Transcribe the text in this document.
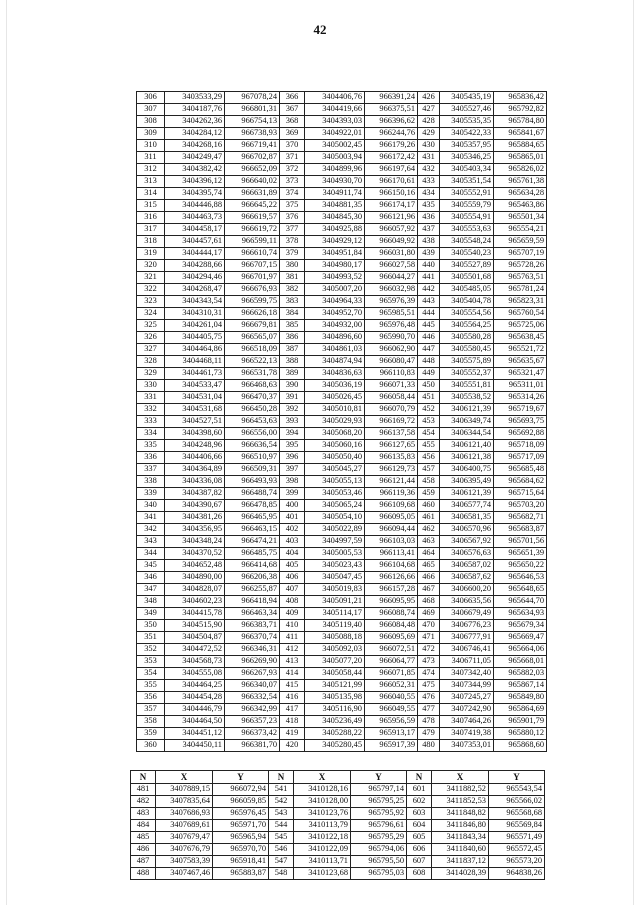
42
306	3403533,29	967078,24	366	3404406,76	966391,24	426	3405435,19	965836,42
307	3404187,76	966801,31	367	3404419,66	966375,51	427	3405527,46	965792,82
308	3404262,36	966754,13	368	3404393,03	966396,62	428	3405535,35	965784,80
309	3404284,12	966738,93	369	3404922,01	966244,76	429	3405422,33	965841,67
310	3404268,16	966719,41	370	3405002,45	966179,26	430	3405357,95	965884,65
311	3404249,47	966702,87	371	3405003,94	966172,42	431	3405346,25	965865,01
312	3404382,42	966652,09	372	3404899,96	966197,64	432	3405403,34	965826,02
313	3404396,12	966640,02	373	3404930,70	966170,61	433	3405351,54	965761,38
314	3404395,74	966631,89	374	3404911,74	966150,16	434	3405552,91	965634,28
315	3404446,88	966645,22	375	3404881,35	966174,17	435	3405559,79	965463,86
316	3404463,73	966619,57	376	3404845,30	966121,96	436	3405554,91	965501,34
317	3404458,17	966619,72	377	3404925,88	966057,92	437	3405553,63	965554,21
318	3404457,61	966599,11	378	3404929,12	966049,92	438	3405548,24	965659,59
319	3404444,17	966610,74	379	3404951,84	966031,80	439	3405540,23	965707,19
320	3404288,66	966707,15	380	3404980,17	966027,58	440	3405527,89	965728,26
321	3404294,46	966701,97	381	3404993,52	966044,27	441	3405501,68	965763,51
322	3404268,47	966676,93	382	3405007,20	966032,98	442	3405485,05	965781,24
323	3404343,54	966599,75	383	3404964,33	965976,39	443	3405404,78	965823,31
324	3404310,31	966626,18	384	3404952,70	965985,51	444	3405554,56	965760,54
325	3404261,04	966679,81	385	3404932,00	965976,48	445	3405564,25	965725,06
326	3404405,75	966565,07	386	3404896,60	965990,70	446	3405580,28	965638,45
327	3404464,86	966518,09	387	3404861,03	966062,90	447	3405580,45	965521,72
328	3404468,11	966522,13	388	3404874,94	966080,47	448	3405575,89	965635,67
329	3404461,73	966531,78	389	3404836,63	966110,83	449	3405552,37	965321,47
330	3404533,47	966468,63	390	3405036,19	966071,33	450	3405551,81	965311,01
331	3404531,04	966470,37	391	3405026,45	966058,44	451	3405538,52	965314,26
332	3404531,68	966450,28	392	3405010,81	966070,79	452	3406121,39	965719,67
333	3404527,51	966453,63	393	3405029,93	966169,72	453	3406349,74	965693,75
334	3404398,60	966556,00	394	3405068,20	966137,58	454	3406344,54	965692,88
335	3404248,96	966636,54	395	3405060,16	966127,65	455	3406121,40	965718,09
336	3404406,66	966510,97	396	3405050,40	966135,83	456	3406121,38	965717,09
337	3404364,89	966509,31	397	3405045,27	966129,73	457	3406400,75	965685,48
338	3404336,08	966493,93	398	3405055,13	966121,44	458	3406395,49	965684,62
339	3404387,82	966488,74	399	3405053,46	966119,36	459	3406121,39	965715,64
340	3404390,67	966478,85	400	3405065,24	966109,68	460	3406577,74	965703,20
341	3404381,26	966465,95	401	3405054,10	966095,05	461	3406581,35	965682,71
342	3404356,95	966463,15	402	3405022,89	966094,44	462	3406570,96	965683,87
343	3404348,24	966474,21	403	3404997,59	966103,03	463	3406567,92	965701,56
344	3404370,52	966485,75	404	3405005,53	966113,41	464	3406576,63	965651,39
345	3404652,48	966414,68	405	3405023,43	966104,68	465	3406587,02	965650,22
346	3404890,00	966206,38	406	3405047,45	966126,66	466	3406587,62	965646,53
347	3404828,07	966255,87	407	3405019,83	966157,28	467	3406600,20	965648,65
348	3404602,23	966418,94	408	3405091,21	966095,95	468	3406635,56	965644,70
349	3404415,78	966463,34	409	3405114,17	966088,74	469	3406679,49	965634,93
350	3404515,90	966383,71	410	3405119,40	966084,48	470	3406776,23	965679,34
351	3404504,87	966370,74	411	3405088,18	966095,69	471	3406777,91	965669,47
352	3404472,52	966346,31	412	3405092,03	966072,51	472	3406746,41	965664,06
353	3404568,73	966269,90	413	3405077,20	966064,77	473	3406711,05	965668,01
354	3404555,08	966267,93	414	3405058,44	966071,85	474	3407342,40	965882,03
355	3404464,25	966340,07	415	3405121,99	966052,31	475	3407344,99	965867,14
356	3404454,28	966332,54	416	3405135,98	966040,55	476	3407245,27	965849,80
357	3404446,79	966342,99	417	3405116,90	966049,55	477	3407242,90	965864,69
358	3404464,50	966357,23	418	3405236,49	965956,59	478	3407464,26	965901,79
359	3404451,12	966373,42	419	3405288,22	965913,17	479	3407419,38	965880,12
360	3404450,11	966381,70	420	3405280,45	965917,39	480	3407353,01	965868,60
N	X	Y	N	X	Y	N	X	Y
481	3407889,15	966072,94	541	3410128,16	965797,14	601	3411882,52	965543,54
482	3407835,64	966059,85	542	3410128,00	965795,25	602	3411852,53	965566,02
483	3407686,93	965976,45	543	3410123,76	965795,92	603	3411848,82	965568,68
484	3407689,61	965971,70	544	3410113,79	965796,61	604	3411846,80	965569,84
485	3407679,47	965965,94	545	3410122,18	965795,29	605	3411843,34	965571,49
486	3407676,79	965970,70	546	3410122,09	965794,06	606	3411840,60	965572,45
487	3407583,39	965918,41	547	3410113,71	965795,50	607	3411837,12	965573,20
488	3407467,46	965883,87	548	3410123,68	965795,03	608	3414028,39	964838,26
